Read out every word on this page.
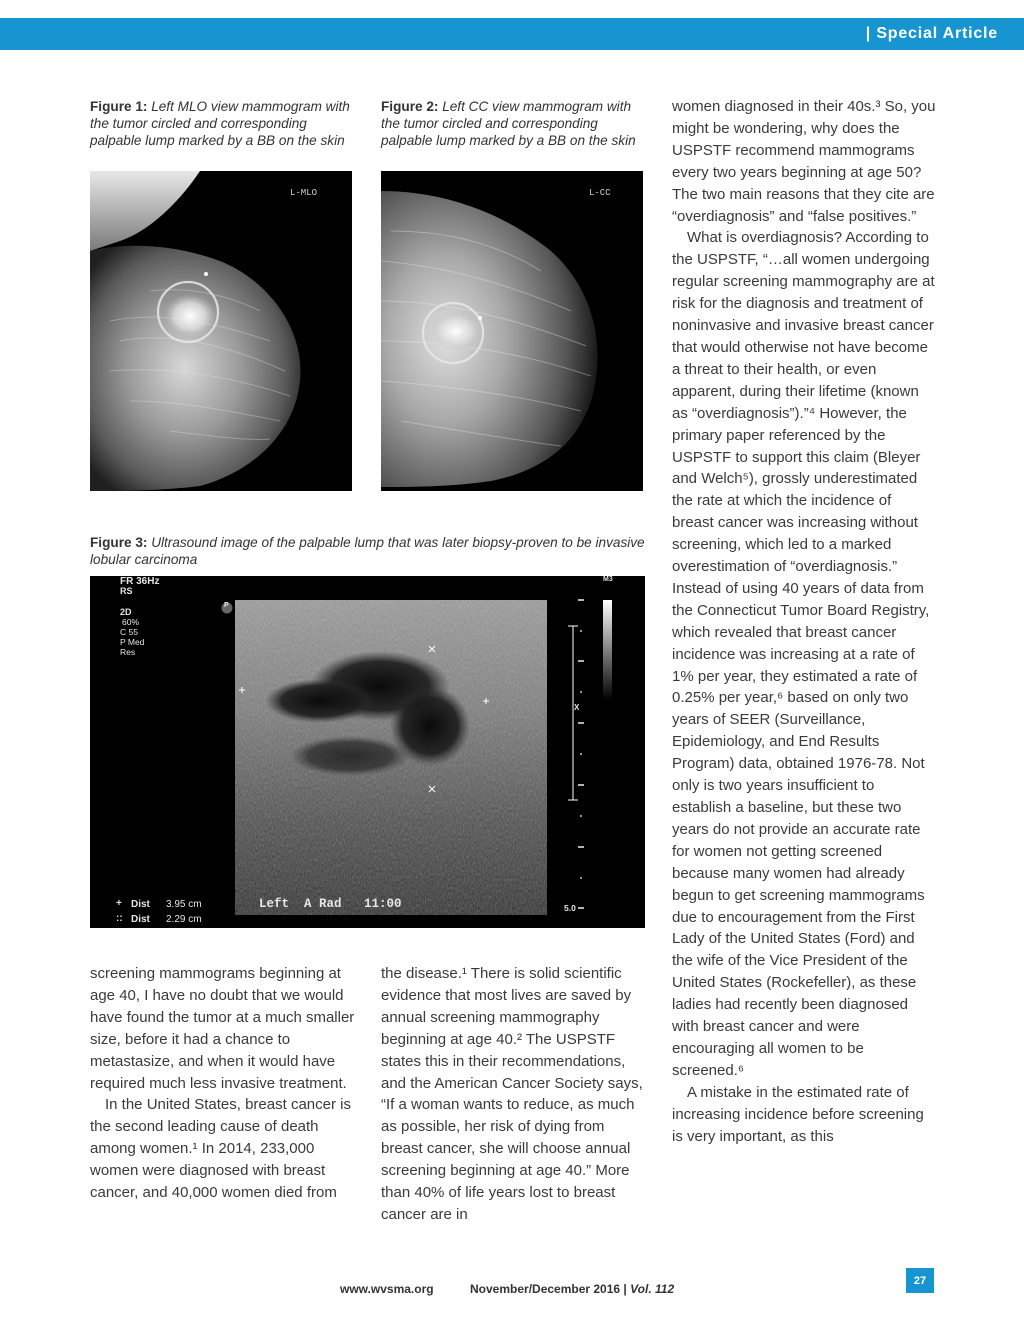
| Special Article
Figure 1: Left MLO view mammogram with the tumor circled and corresponding palpable lump marked by a BB on the skin
Figure 2: Left CC view mammogram with the tumor circled and corresponding palpable lump marked by a BB on the skin
L-MLO	L-CC
Figure 3: Ultrasound image of the palpable lump that was later biopsy-proven to be invasive lobular carcinoma
FR 36Hz
RS
2D
60%
C 55
P Med
Res
P
M3
X
5.0
+ Dist 3.95 cm
:: Dist 2.29 cm
Left  A Rad   11:00

screening mammograms beginning at age 40, I have no doubt that we would have found the tumor at a much smaller size, before it had a chance to metastasize, and when it would have required much less invasive treatment.

In the United States, breast cancer is the second leading cause of death among women.¹ In 2014, 233,000 women were diagnosed with breast cancer, and 40,000 women died from

the disease.¹ There is solid scientific evidence that most lives are saved by annual screening mammography beginning at age 40.² The USPSTF states this in their recommendations, and the American Cancer Society says, “If a woman wants to reduce, as much as possible, her risk of dying from breast cancer, she will choose annual screening beginning at age 40.” More than 40% of life years lost to breast cancer are in

women diagnosed in their 40s.³ So, you might be wondering, why does the USPSTF recommend mammograms every two years beginning at age 50? The two main reasons that they cite are “overdiagnosis” and “false positives.”

What is overdiagnosis? According to the USPSTF, “…all women undergoing regular screening mammography are at risk for the diagnosis and treatment of noninvasive and invasive breast cancer that would otherwise not have become a threat to their health, or even apparent, during their lifetime (known as “overdiagnosis”).”⁴ However, the primary paper referenced by the USPSTF to support this claim (Bleyer and Welch⁵), grossly underestimated the rate at which the incidence of breast cancer was increasing without screening, which led to a marked overestimation of “overdiagnosis.” Instead of using 40 years of data from the Connecticut Tumor Board Registry, which revealed that breast cancer incidence was increasing at a rate of 1% per year, they estimated a rate of 0.25% per year,⁶ based on only two years of SEER (Surveillance, Epidemiology, and End Results Program) data, obtained 1976-78. Not only is two years insufficient to establish a baseline, but these two years do not provide an accurate rate for women not getting screened because many women had already begun to get screening mammograms due to encouragement from the First Lady of the United States (Ford) and the wife of the Vice President of the United States (Rockefeller), as these ladies had recently been diagnosed with breast cancer and were encouraging all women to be screened.⁶

A mistake in the estimated rate of increasing incidence before screening is very important, as this

www.wvsma.org	November/December 2016 | Vol. 112
27
